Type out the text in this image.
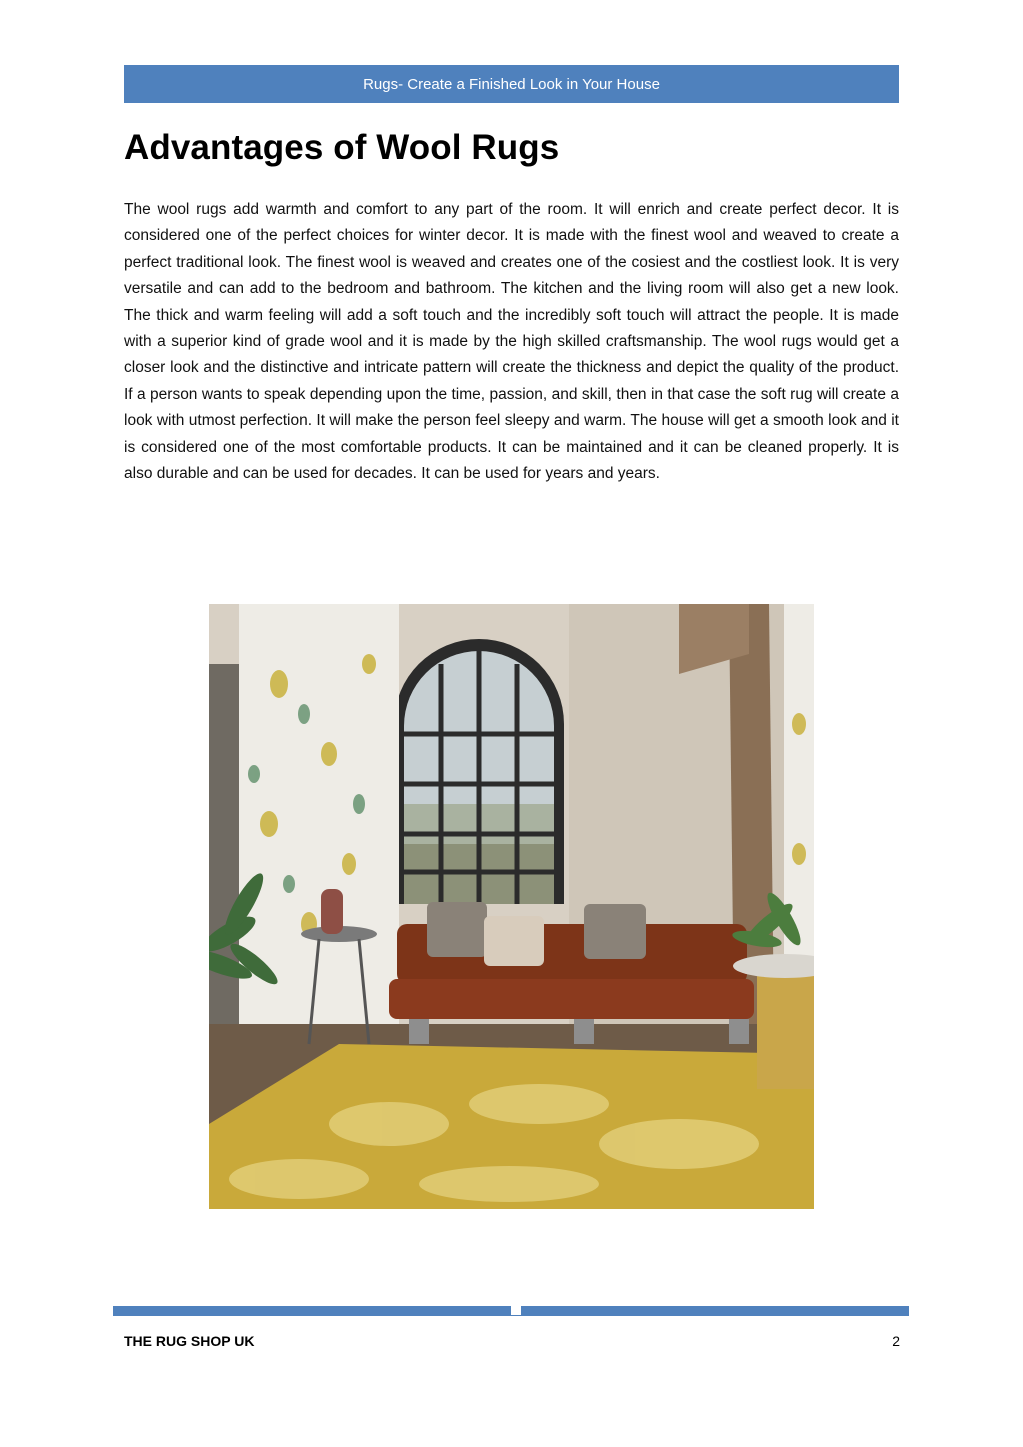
Rugs- Create a Finished Look in Your House
Advantages of Wool Rugs

The wool rugs add warmth and comfort to any part of the room. It will enrich and create perfect decor. It is considered one of the perfect choices for winter decor. It is made with the finest wool and weaved to create a perfect traditional look. The finest wool is weaved and creates one of the cosiest and the costliest look. It is very versatile and can add to the bedroom and bathroom. The kitchen and the living room will also get a new look. The thick and warm feeling will add a soft touch and the incredibly soft touch will attract the people. It is made with a superior kind of grade wool and it is made by the high skilled craftsmanship. The wool rugs would get a closer look and the distinctive and intricate pattern will create the thickness and depict the quality of the product. If a person wants to speak depending upon the time, passion, and skill, then in that case the soft rug will create a look with utmost perfection. It will make the person feel sleepy and warm. The house will get a smooth look and it is considered one of the most comfortable products. It can be maintained and it can be cleaned properly. It is also durable and can be used for decades. It can be used for years and years.

THE RUG SHOP UK	2
